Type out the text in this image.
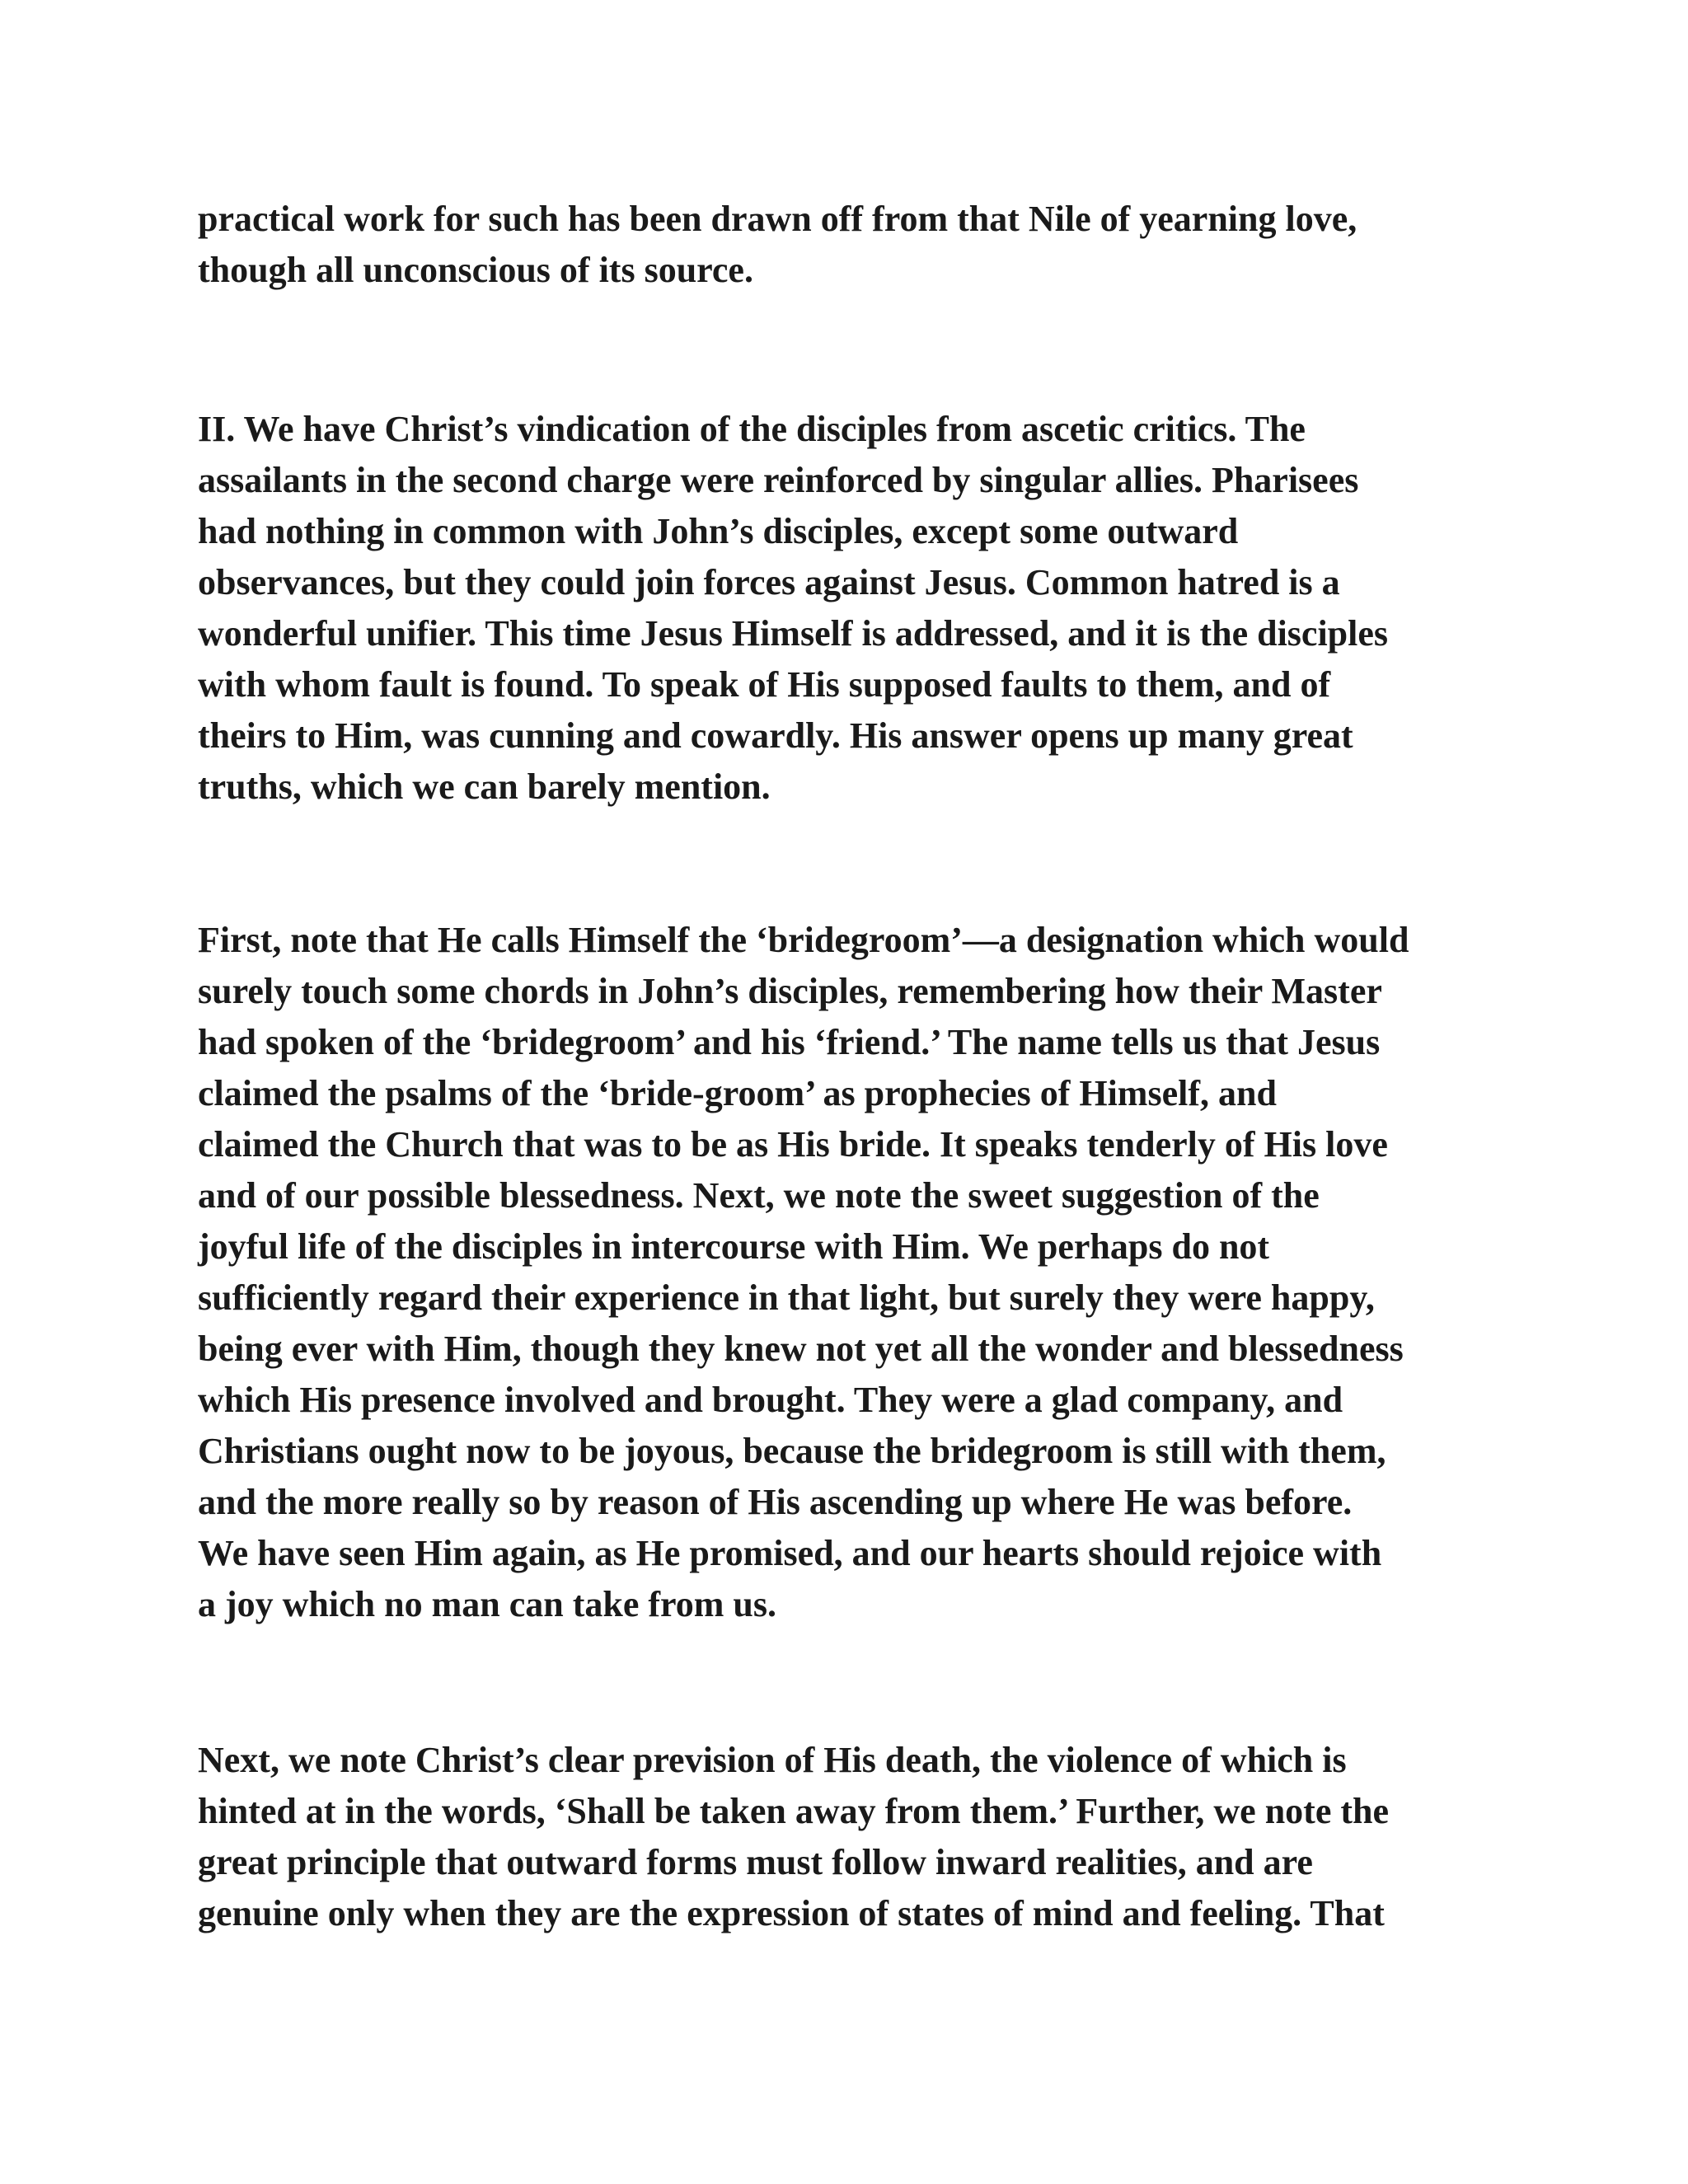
practical work for such has been drawn off from that Nile of yearning love,
though all unconscious of its source.

II. We have Christ’s vindication of the disciples from ascetic critics. The
assailants in the second charge were reinforced by singular allies. Pharisees
had nothing in common with John’s disciples, except some outward
observances, but they could join forces against Jesus. Common hatred is a
wonderful unifier. This time Jesus Himself is addressed, and it is the disciples
with whom fault is found. To speak of His supposed faults to them, and of
theirs to Him, was cunning and cowardly. His answer opens up many great
truths, which we can barely mention.

First, note that He calls Himself the ‘bridegroom’—a designation which would
surely touch some chords in John’s disciples, remembering how their Master
had spoken of the ‘bridegroom’ and his ‘friend.’ The name tells us that Jesus
claimed the psalms of the ‘bride-groom’ as prophecies of Himself, and
claimed the Church that was to be as His bride. It speaks tenderly of His love
and of our possible blessedness. Next, we note the sweet suggestion of the
joyful life of the disciples in intercourse with Him. We perhaps do not
sufficiently regard their experience in that light, but surely they were happy,
being ever with Him, though they knew not yet all the wonder and blessedness
which His presence involved and brought. They were a glad company, and
Christians ought now to be joyous, because the bridegroom is still with them,
and the more really so by reason of His ascending up where He was before.
We have seen Him again, as He promised, and our hearts should rejoice with
a joy which no man can take from us.

Next, we note Christ’s clear prevision of His death, the violence of which is
hinted at in the words, ‘Shall be taken away from them.’ Further, we note the
great principle that outward forms must follow inward realities, and are
genuine only when they are the expression of states of mind and feeling. That
